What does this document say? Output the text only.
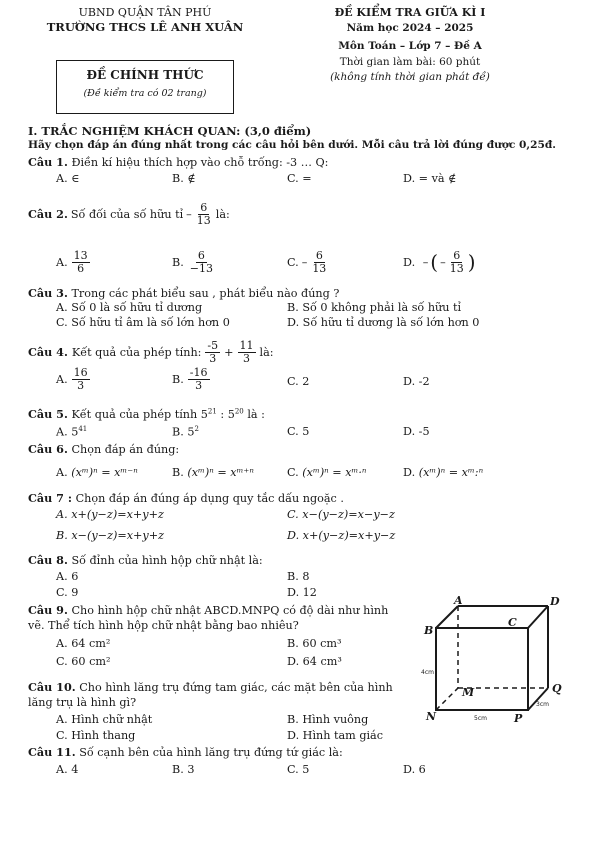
UBND QUẬN TÂN PHÚ
TRƯỜNG THCS LÊ ANH XUÂN
ĐỀ CHÍNH THỨC
(Đề kiểm tra có 02 trang)
ĐỀ KIỂM TRA GIỮA KÌ I
Năm học 2024 – 2025
Môn Toán – Lớp 7 – Đề A
Thời gian làm bài: 60 phút
(không tính thời gian phát đề)
I. TRẮC NGHIỆM KHÁCH QUAN: (3,0 điểm)
Hãy chọn đáp án đúng nhất trong các câu hỏi bên dưới. Mỗi câu trả lời đúng được 0,25đ.
Câu 1. Điền kí hiệu thích hợp vào chỗ trống: -3 … Q:
A. ∈	B. ∉	C. =	D. = và ∉
Câu 2. Số đối của số hữu tỉ – $\frac{6}{13}$ là:
A. $\frac{13}{6}$	B. $\frac{6}{-13}$	C. – $\frac{6}{13}$	D.
– ( – $\frac{6}{13}$ )
Câu 3. Trong các phát biểu sau , phát biểu nào đúng ?
A. Số 0 là số hữu tỉ dương	B. Số 0 không phải là số hữu tỉ
C. Số hữu tỉ âm là số lớn hơn 0	D. Số hữu tỉ dương là số lớn hơn 0
Câu 4. Kết quả của phép tính: $\frac{-5}{3} + \frac{11}{3}$ là:
A. $\frac{16}{3}$	B. $\frac{-16}{3}$	C. 2	D. -2
Câu 5. Kết quả của phép tính $5^{21}$ : $5^{20}$ là :
A. $5^{41}$	B. $5^2$	C. 5	D. -5
Câu 6. Chọn đáp án đúng:
A. (xᵐ)ⁿ = xᵐ⁻ⁿ	B. (xᵐ)ⁿ = xᵐ⁺ⁿ	C. (xᵐ)ⁿ = xᵐ·ⁿ	D. (xᵐ)ⁿ = xᵐ:ⁿ
Câu 7 : Chọn đáp án đúng áp dụng quy tắc dấu ngoặc .
A. x+(y−z)=x+y+z	C. x−(y−z)=x−y−z
B. x−(y−z)=x+y+z	D. x+(y−z)=x+y−z
Câu 8. Số đỉnh của hình hộp chữ nhật là:
A. 6	B. 8
C. 9	D. 12
Câu 9. Cho hình hộp chữ nhật ABCD.MNPQ có độ dài như hình
vẽ. Thể tích hình hộp chữ nhật bằng bao nhiêu?
A. 64 cm²	B. 60 cm³
C. 60 cm²	D. 64 cm³
A	D
B
C
M	Q
N	P
4cm
5cm
3cm
Câu 10. Cho hình lăng trụ đứng tam giác, các mặt bên của hình
lăng trụ là hình gì?
A. Hình chữ nhật	B. Hình vuông
C. Hình thang	D. Hình tam giác
Câu 11. Số cạnh bên của hình lăng trụ đứng tứ giác là:
A. 4	B. 3	C. 5	D. 6
